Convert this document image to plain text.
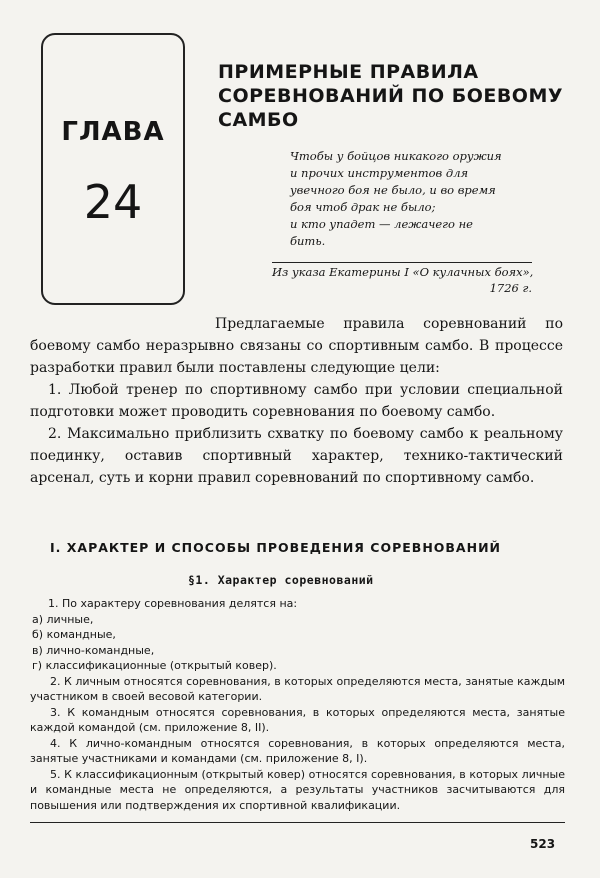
ГЛАВА
24
ПРИМЕРНЫЕ ПРАВИЛА
СОРЕВНОВАНИЙ ПО БОЕВОМУ
САМБО
Чтобы у бойцов никакого оружия
и прочих инструментов для
увечного боя не было, и во время
боя чтоб драк не было;
и кто упадет — лежачего не
бить.
Из указа Екатерины I «О кулачных боях»,
1726 г.

Предлагаемые правила соревнований по боевому самбо неразрывно связаны со спортивным самбо. В процессе разработки правил были поставлены следующие цели:

1. Любой тренер по спортивному самбо при условии специальной подготовки может проводить соревнования по боевому самбо.

2. Максимально приблизить схватку по боевому самбо к реальному поединку, оставив спортивный характер, технико-тактический арсенал, суть и корни правил соревнований по спортивному самбо.

I. ХАРАКТЕР И СПОСОБЫ ПРОВЕДЕНИЯ СОРЕВНОВАНИЙ
§1. Характер соревнований

1. По характеру соревнования делятся на:

а) личные,

б) командные,

в) лично-командные,

г) классификационные (открытый ковер).

2. К личным относятся соревнования, в которых определяются места, занятые каждым участником в своей весовой категории.

3. К командным относятся соревнования, в которых определяются места, занятые каждой командой (см. приложение 8, II).

4. К лично-командным относятся соревнования, в которых определяются места, занятые участниками и командами (см. приложение 8, I).

5. К классификационным (открытый ковер) относятся соревнования, в которых личные и командные места не определяются, а результаты участников засчитываются для повышения или подтверждения их спортивной квалификации.

523
